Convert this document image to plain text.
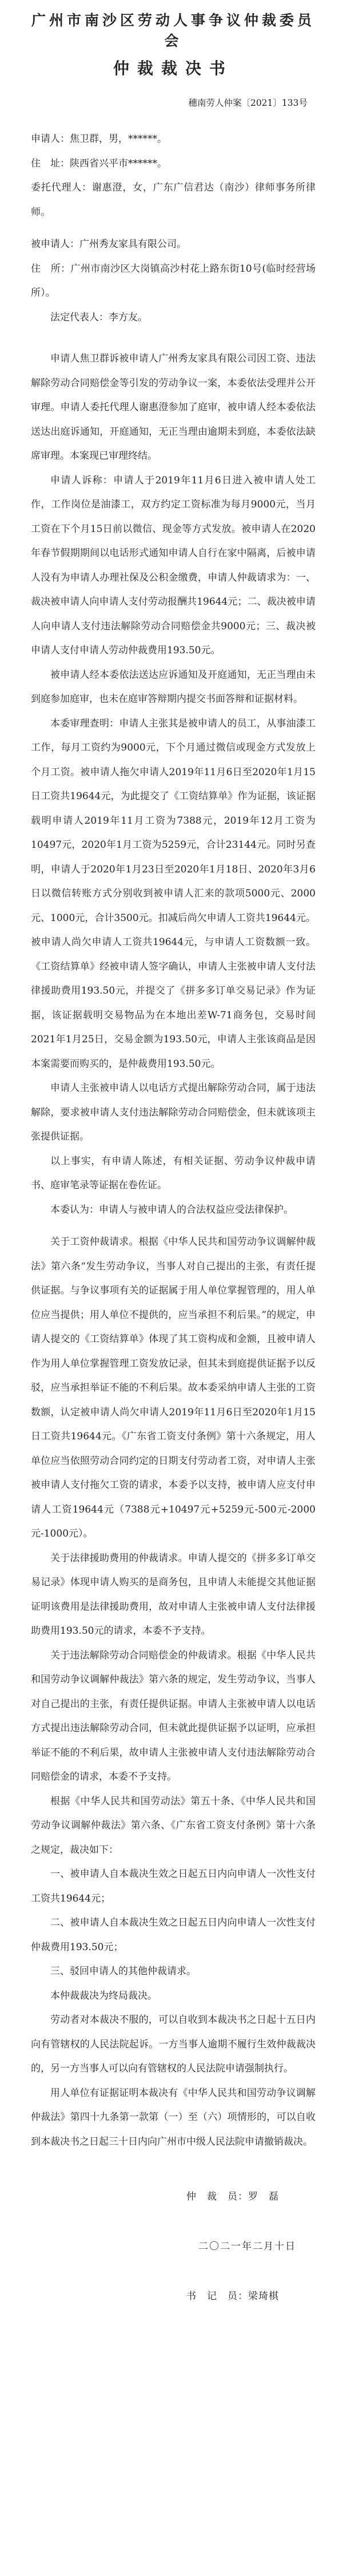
广州市南沙区劳动人事争议仲裁委员会
仲裁裁决书
穗南劳人仲案〔2021〕133号

申请人：焦卫群，男，******。

住　址：陕西省兴平市******。

委托代理人：谢惠澄，女，广东广信君达（南沙）律师事务所律师。

被申请人：广州秀友家具有限公司。

住　所：广州市南沙区大岗镇高沙村花上路东街10号(临时经营场所）。

法定代表人：李方友。

申请人焦卫群诉被申请人广州秀友家具有限公司因工资、违法解除劳动合同赔偿金等引发的劳动争议一案，本委依法受理并公开审理。申请人委托代理人谢惠澄参加了庭审，被申请人经本委依法送达出庭诉通知，开庭通知，无正当理由逾期未到庭，本委依法缺席审理。本案现已审理终结。

申请人诉称：申请人于2019年11月6日进入被申请人处工作，工作岗位是油漆工，双方约定工资标准为每月9000元，当月工资在下个月15日前以微信、现金等方式发放。被申请人在2020年春节假期期间以电话形式通知申请人自行在家中隔离，后被申请人没有为申请人办理社保及公积金缴费，申请人仲裁请求为：一、裁决被申请人向申请人支付劳动报酬共19644元；二、裁决被申请人向申请人支付违法解除劳动合同赔偿金共9000元；三、裁决被申请人支付申请人劳动仲裁费用193.50元。

被申请人经本委依法送达应诉通知及开庭通知，无正当理由未到庭参加庭审，也未在庭审答辩期内提交书面答辩和证据材料。

本委审理查明：申请人主张其是被申请人的员工，从事油漆工工作，每月工资约为9000元，下个月通过微信或现金方式发放上个月工资。被申请人拖欠申请人2019年11月6日至2020年1月15日工资共19644元，为此提交了《工资结算单》作为证据，该证据载明申请人2019年11月工资为7388元，2019年12月工资为10497元，2020年1月工资为5259元，合计23144元。同时另查明，申请人于2020年1月23日至2020年1月18日、2020年3月6日以微信转账方式分别收到被申请人汇来的款项5000元、2000元、1000元，合计3500元。扣减后尚欠申请人工资共19644元。被申请人尚欠申请人工资共19644元，与申请人工资数额一致。《工资结算单》经被申请人签字确认，申请人主张被申请人支付法律援助费用193.50元，并提交了《拼多多订单交易记录》作为证据，该证据载明交易物品为在本地出差W-71商务包，交易时间2021年1月25日，交易金额为193.50元，申请人主张该商品是因本案需要而购买的，是仲裁费用193.50元。

申请人主张被申请人以电话方式提出解除劳动合同，属于违法解除，要求被申请人支付违法解除劳动合同赔偿金，但未就该项主张提供证据。

以上事实，有申请人陈述，有相关证据、劳动争议仲裁申请书、庭审笔录等证据在卷佐证。

本委认为：申请人与被申请人的合法权益应受法律保护。

关于工资仲裁请求。根据《中华人民共和国劳动争议调解仲裁法》第六条“发生劳动争议，当事人对自己提出的主张，有责任提供证据。与争议事项有关的证据属于用人单位掌握管理的，用人单位应当提供；用人单位不提供的，应当承担不利后果。”的规定，申请人提交的《工资结算单》体现了其工资构成和金额，且被申请人作为用人单位掌握管理工资发放记录，但其未到庭提供证据予以反驳，应当承担举证不能的不利后果。故本委采纳申请人主张的工资数额，认定被申请人尚欠申请人2019年11月6日至2020年1月15日工资共19644元。《广东省工资支付条例》第十六条规定，用人单位应当依照劳动合同约定的日期支付劳动者工资，对申请人主张被申请人支付拖欠工资的请求，本委予以支持，被申请人应支付申请人工资19644元（7388元+10497元+5259元-500元-2000元-1000元）。

关于法律援助费用的仲裁请求。申请人提交的《拼多多订单交易记录》体现申请人购买的是商务包，且申请人未能提交其他证据证明该费用是法律援助费用，故对申请人主张被申请人支付法律援助费用193.50元的请求，本委不予支持。

关于违法解除劳动合同赔偿金的仲裁请求。根据《中华人民共和国劳动争议调解仲裁法》第六条的规定，发生劳动争议，当事人对自己提出的主张，有责任提供证据。申请人主张被申请人以电话方式提出违法解除劳动合同，但未就此提供证据予以证明，应承担举证不能的不利后果，故申请人主张被申请人支付违法解除劳动合同赔偿金的请求，本委不予支持。

根据《中华人民共和国劳动法》第五十条、《中华人民共和国劳动争议调解仲裁法》第六条、《广东省工资支付条例》第十六条之规定，裁决如下：

一、被申请人自本裁决生效之日起五日内向申请人一次性支付工资共19644元；

二、被申请人自本裁决生效之日起五日内向申请人一次性支付仲裁费用193.50元；

三、驳回申请人的其他仲裁请求。

本仲裁裁决为终局裁决。

劳动者对本裁决不服的，可以自收到本裁决书之日起十五日内向有管辖权的人民法院起诉。一方当事人逾期不履行生效仲裁裁决的，另一方当事人可以向有管辖权的人民法院申请强制执行。

用人单位有证据证明本裁决有《中华人民共和国劳动争议调解仲裁法》第四十九条第一款第（一）至（六）项情形的，可以自收到本裁决书之日起三十日内向广州市中级人民法院申请撤销裁决。

仲　裁　员：罗　磊

二〇二一年二月十日

书　记　员：梁琦棋
